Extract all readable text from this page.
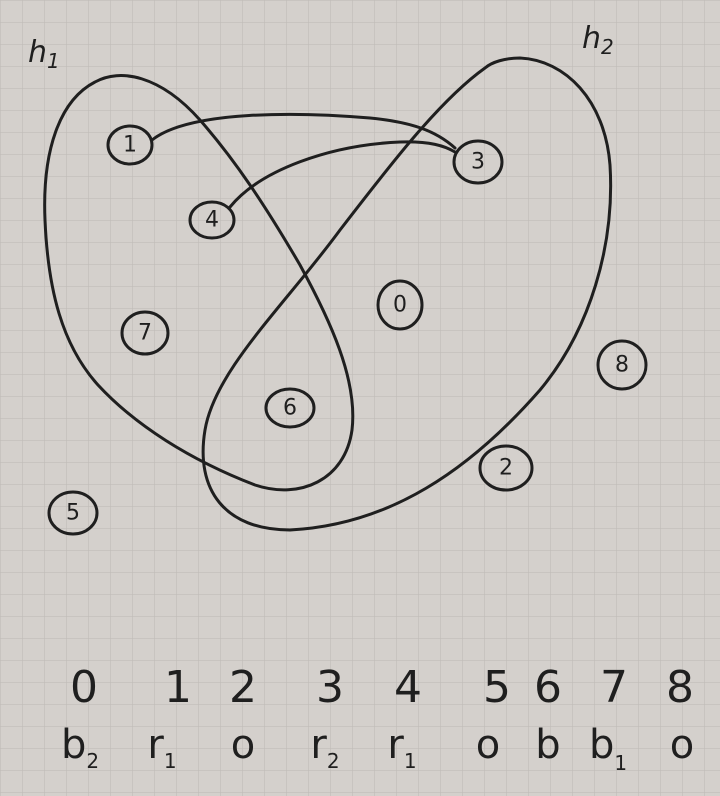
$h_1$
$h_2$
1
4
7
6
3
0
8
2
5
0 1 2 3 4 5 6 7 8
$b_2$ $r_1$ o $r_2$ $r_1$ o b $b_1$ o
